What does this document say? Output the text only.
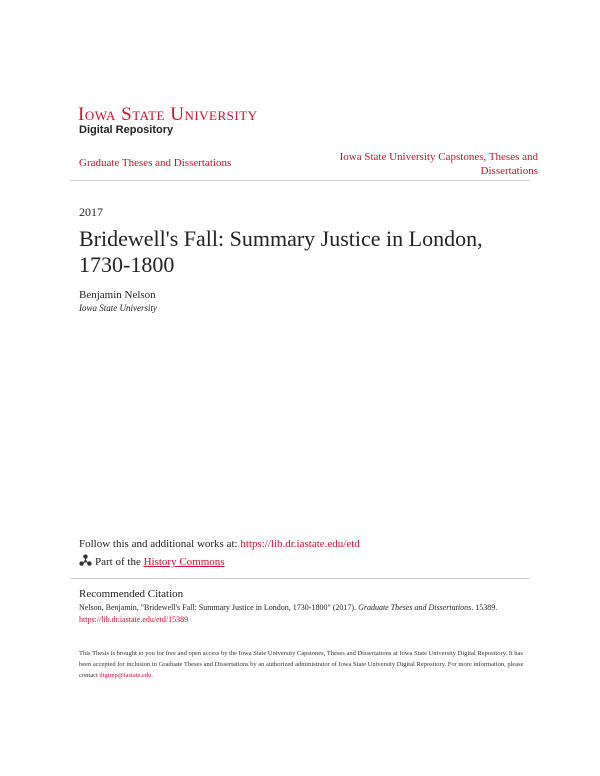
Iowa State University
Digital Repository
Graduate Theses and Dissertations	Iowa State University Capstones, Theses and Dissertations
2017
Bridewell's Fall: Summary Justice in London, 1730-1800
Benjamin Nelson
Iowa State University
Follow this and additional works at: https://lib.dr.iastate.edu/etd
Part of the History Commons
Recommended Citation
Nelson, Benjamin, "Bridewell's Fall: Summary Justice in London, 1730-1800" (2017). Graduate Theses and Dissertations. 15389.
https://lib.dr.iastate.edu/etd/15389
This Thesis is brought to you for free and open access by the Iowa State University Capstones, Theses and Dissertations at Iowa State University Digital Repository. It has been accepted for inclusion in Graduate Theses and Dissertations by an authorized administrator of Iowa State University Digital Repository. For more information, please contact digirep@iastate.edu.
